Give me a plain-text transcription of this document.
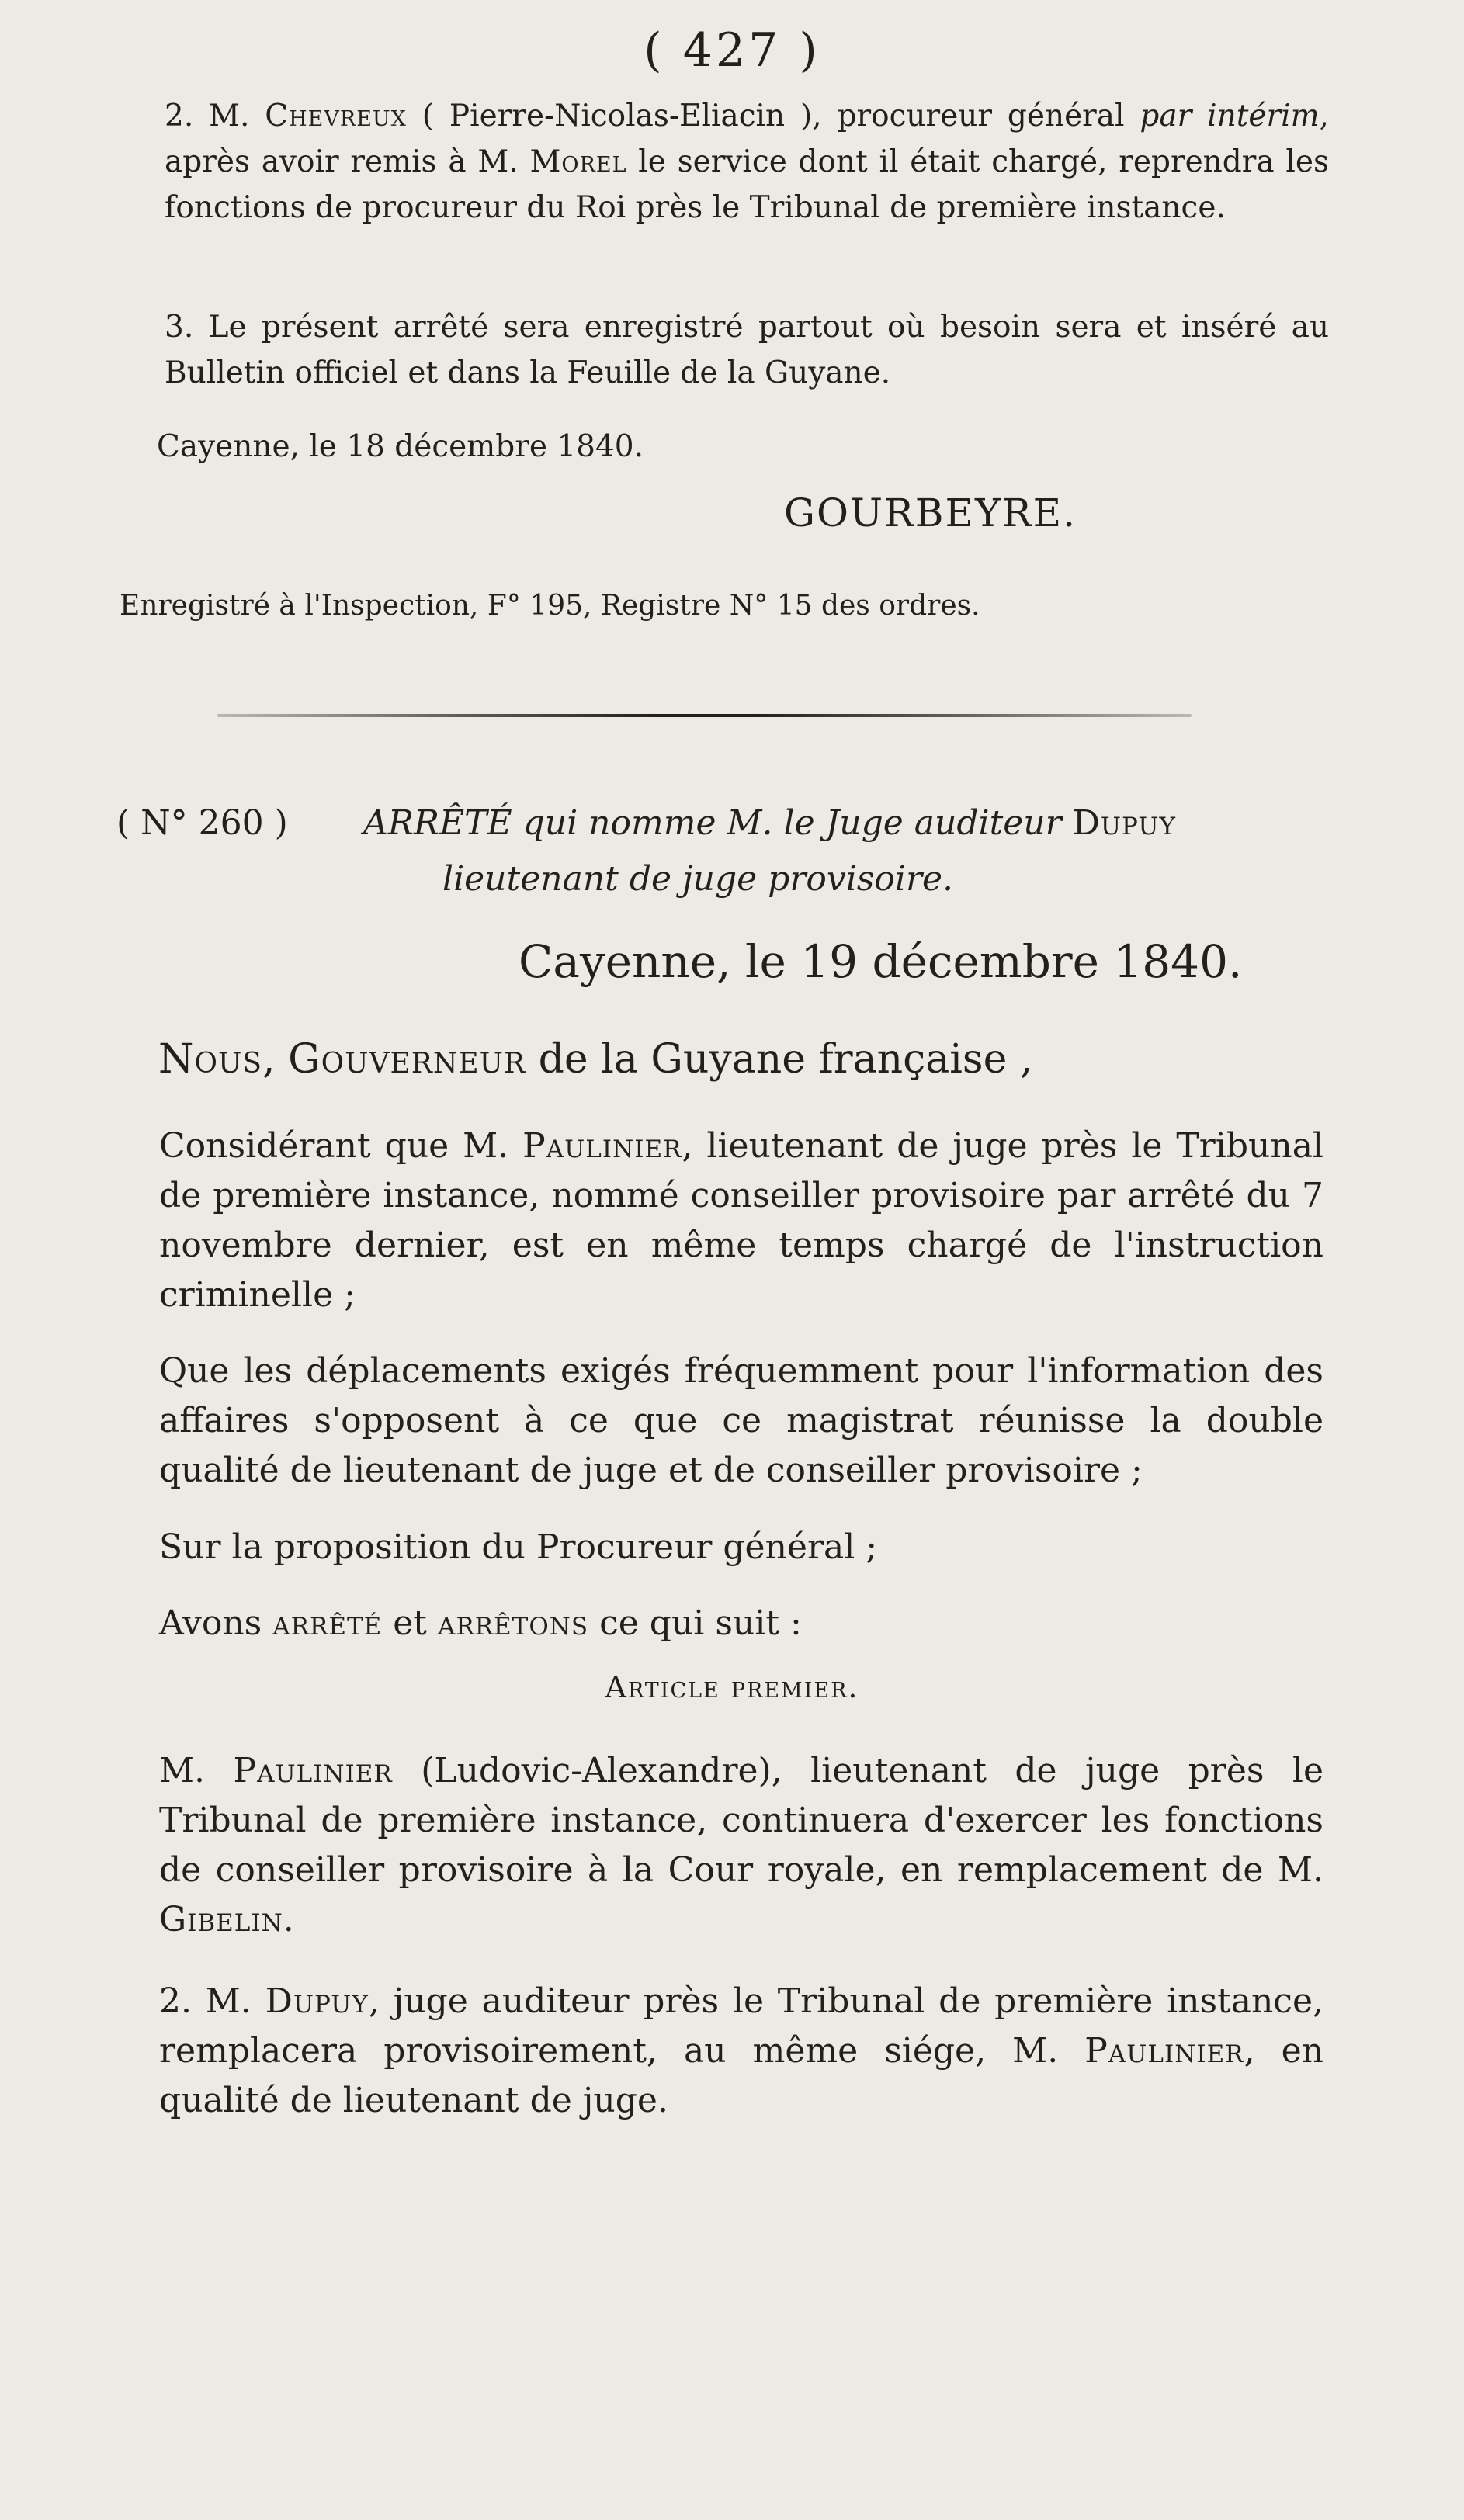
( 427 )

2. M. Chevreux ( Pierre-Nicolas-Eliacin ), procureur général par intérim, après avoir remis à M. Morel le service dont il était chargé, reprendra les fonctions de procureur du Roi près le Tribunal de première instance.

3. Le présent arrêté sera enregistré partout où besoin sera et inséré au Bulletin officiel et dans la Feuille de la Guyane.

Cayenne, le 18 décembre 1840.
GOURBEYRE.
Enregistré à l'Inspection, F° 195, Registre N° 15 des ordres.
( N° 260 ) ARRÊTÉ qui nomme M. le Juge auditeur Dupuy
lieutenant de juge provisoire.
Cayenne, le 19 décembre 1840.
Nous, Gouverneur de la Guyane française ,

Considérant que M. Paulinier, lieutenant de juge près le Tribunal de première instance, nommé conseiller provisoire par arrêté du 7 novembre dernier, est en même temps chargé de l'instruction criminelle ;

Que les déplacements exigés fréquemment pour l'information des affaires s'opposent à ce que ce magistrat réunisse la double qualité de lieutenant de juge et de conseiller provisoire ;

Sur la proposition du Procureur général ;

Avons arrêté et arrêtons ce qui suit :

Article premier.

M. Paulinier (Ludovic-Alexandre), lieutenant de juge près le Tribunal de première instance, continuera d'exercer les fonctions de conseiller provisoire à la Cour royale, en remplacement de M. Gibelin.

2. M. Dupuy, juge auditeur près le Tribunal de première instance, remplacera provisoirement, au même siége, M. Paulinier, en qualité de lieutenant de juge.
